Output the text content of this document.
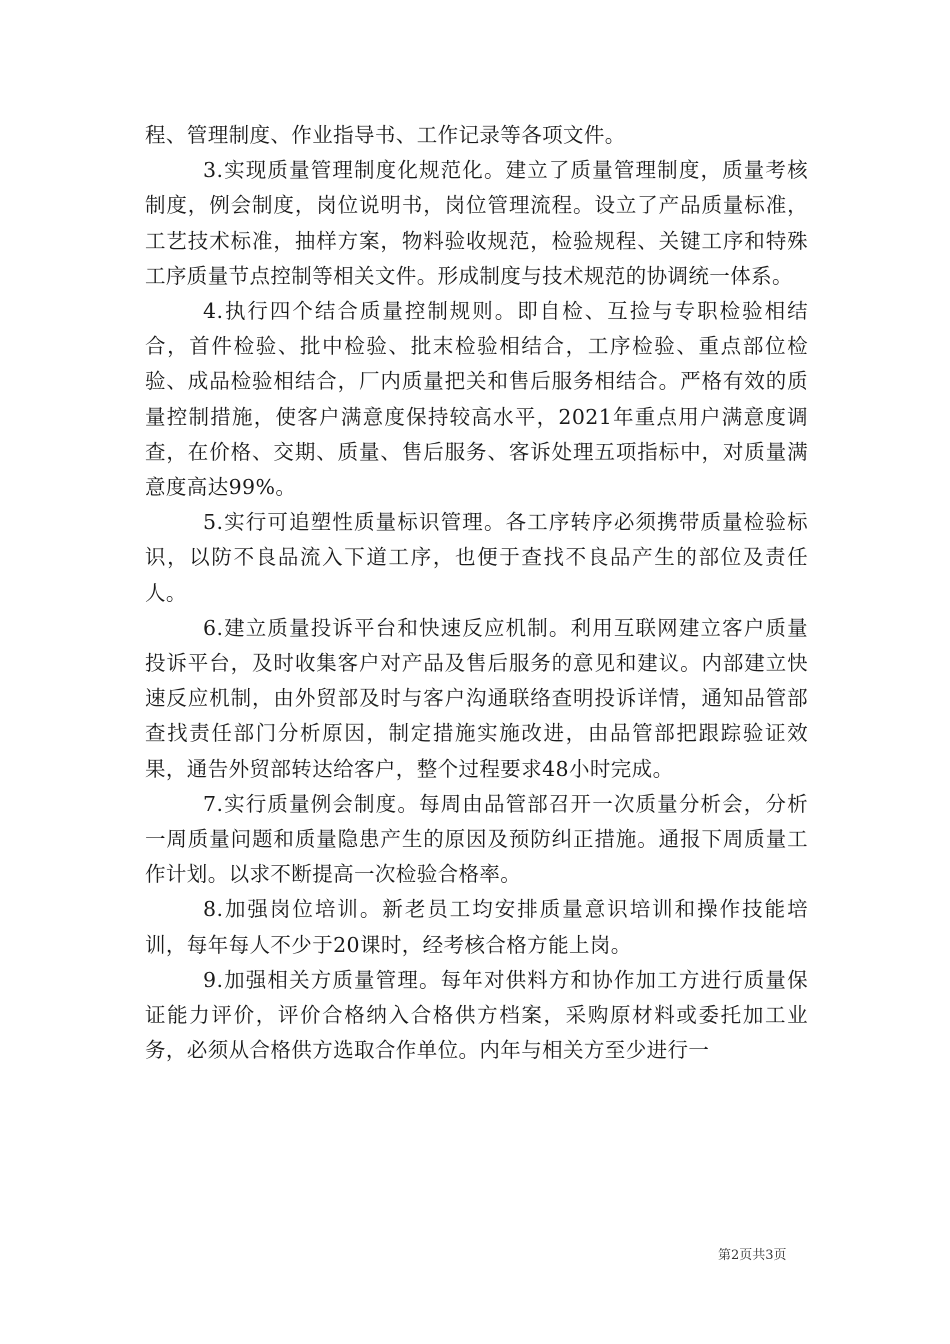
程、管理制度、作业指导书、工作记录等各项文件。

3.实现质量管理制度化规范化。建立了质量管理制度，质量考核制度，例会制度，岗位说明书，岗位管理流程。设立了产品质量标准，工艺技术标准，抽样方案，物料验收规范，检验规程、关键工序和特殊工序质量节点控制等相关文件。形成制度与技术规范的协调统一体系。

4.执行四个结合质量控制规则。即自检、互捡与专职检验相结合，首件检验、批中检验、批末检验相结合，工序检验、重点部位检验、成品检验相结合，厂内质量把关和售后服务相结合。严格有效的质量控制措施，使客户满意度保持较高水平，2021年重点用户满意度调查，在价格、交期、质量、售后服务、客诉处理五项指标中，对质量满意度高达99%。

5.实行可追塑性质量标识管理。各工序转序必须携带质量检验标识，以防不良品流入下道工序，也便于查找不良品产生的部位及责任人。

6.建立质量投诉平台和快速反应机制。利用互联网建立客户质量投诉平台，及时收集客户对产品及售后服务的意见和建议。内部建立快速反应机制，由外贸部及时与客户沟通联络查明投诉详情，通知品管部查找责任部门分析原因，制定措施实施改进，由品管部把跟踪验证效果，通告外贸部转达给客户，整个过程要求48小时完成。

7.实行质量例会制度。每周由品管部召开一次质量分析会，分析一周质量问题和质量隐患产生的原因及预防纠正措施。通报下周质量工作计划。以求不断提高一次检验合格率。

8.加强岗位培训。新老员工均安排质量意识培训和操作技能培训，每年每人不少于20课时，经考核合格方能上岗。

9.加强相关方质量管理。每年对供料方和协作加工方进行质量保证能力评价，评价合格纳入合格供方档案，采购原材料或委托加工业务，必须从合格供方选取合作单位。内年与相关方至少进行一

第2页共3页
